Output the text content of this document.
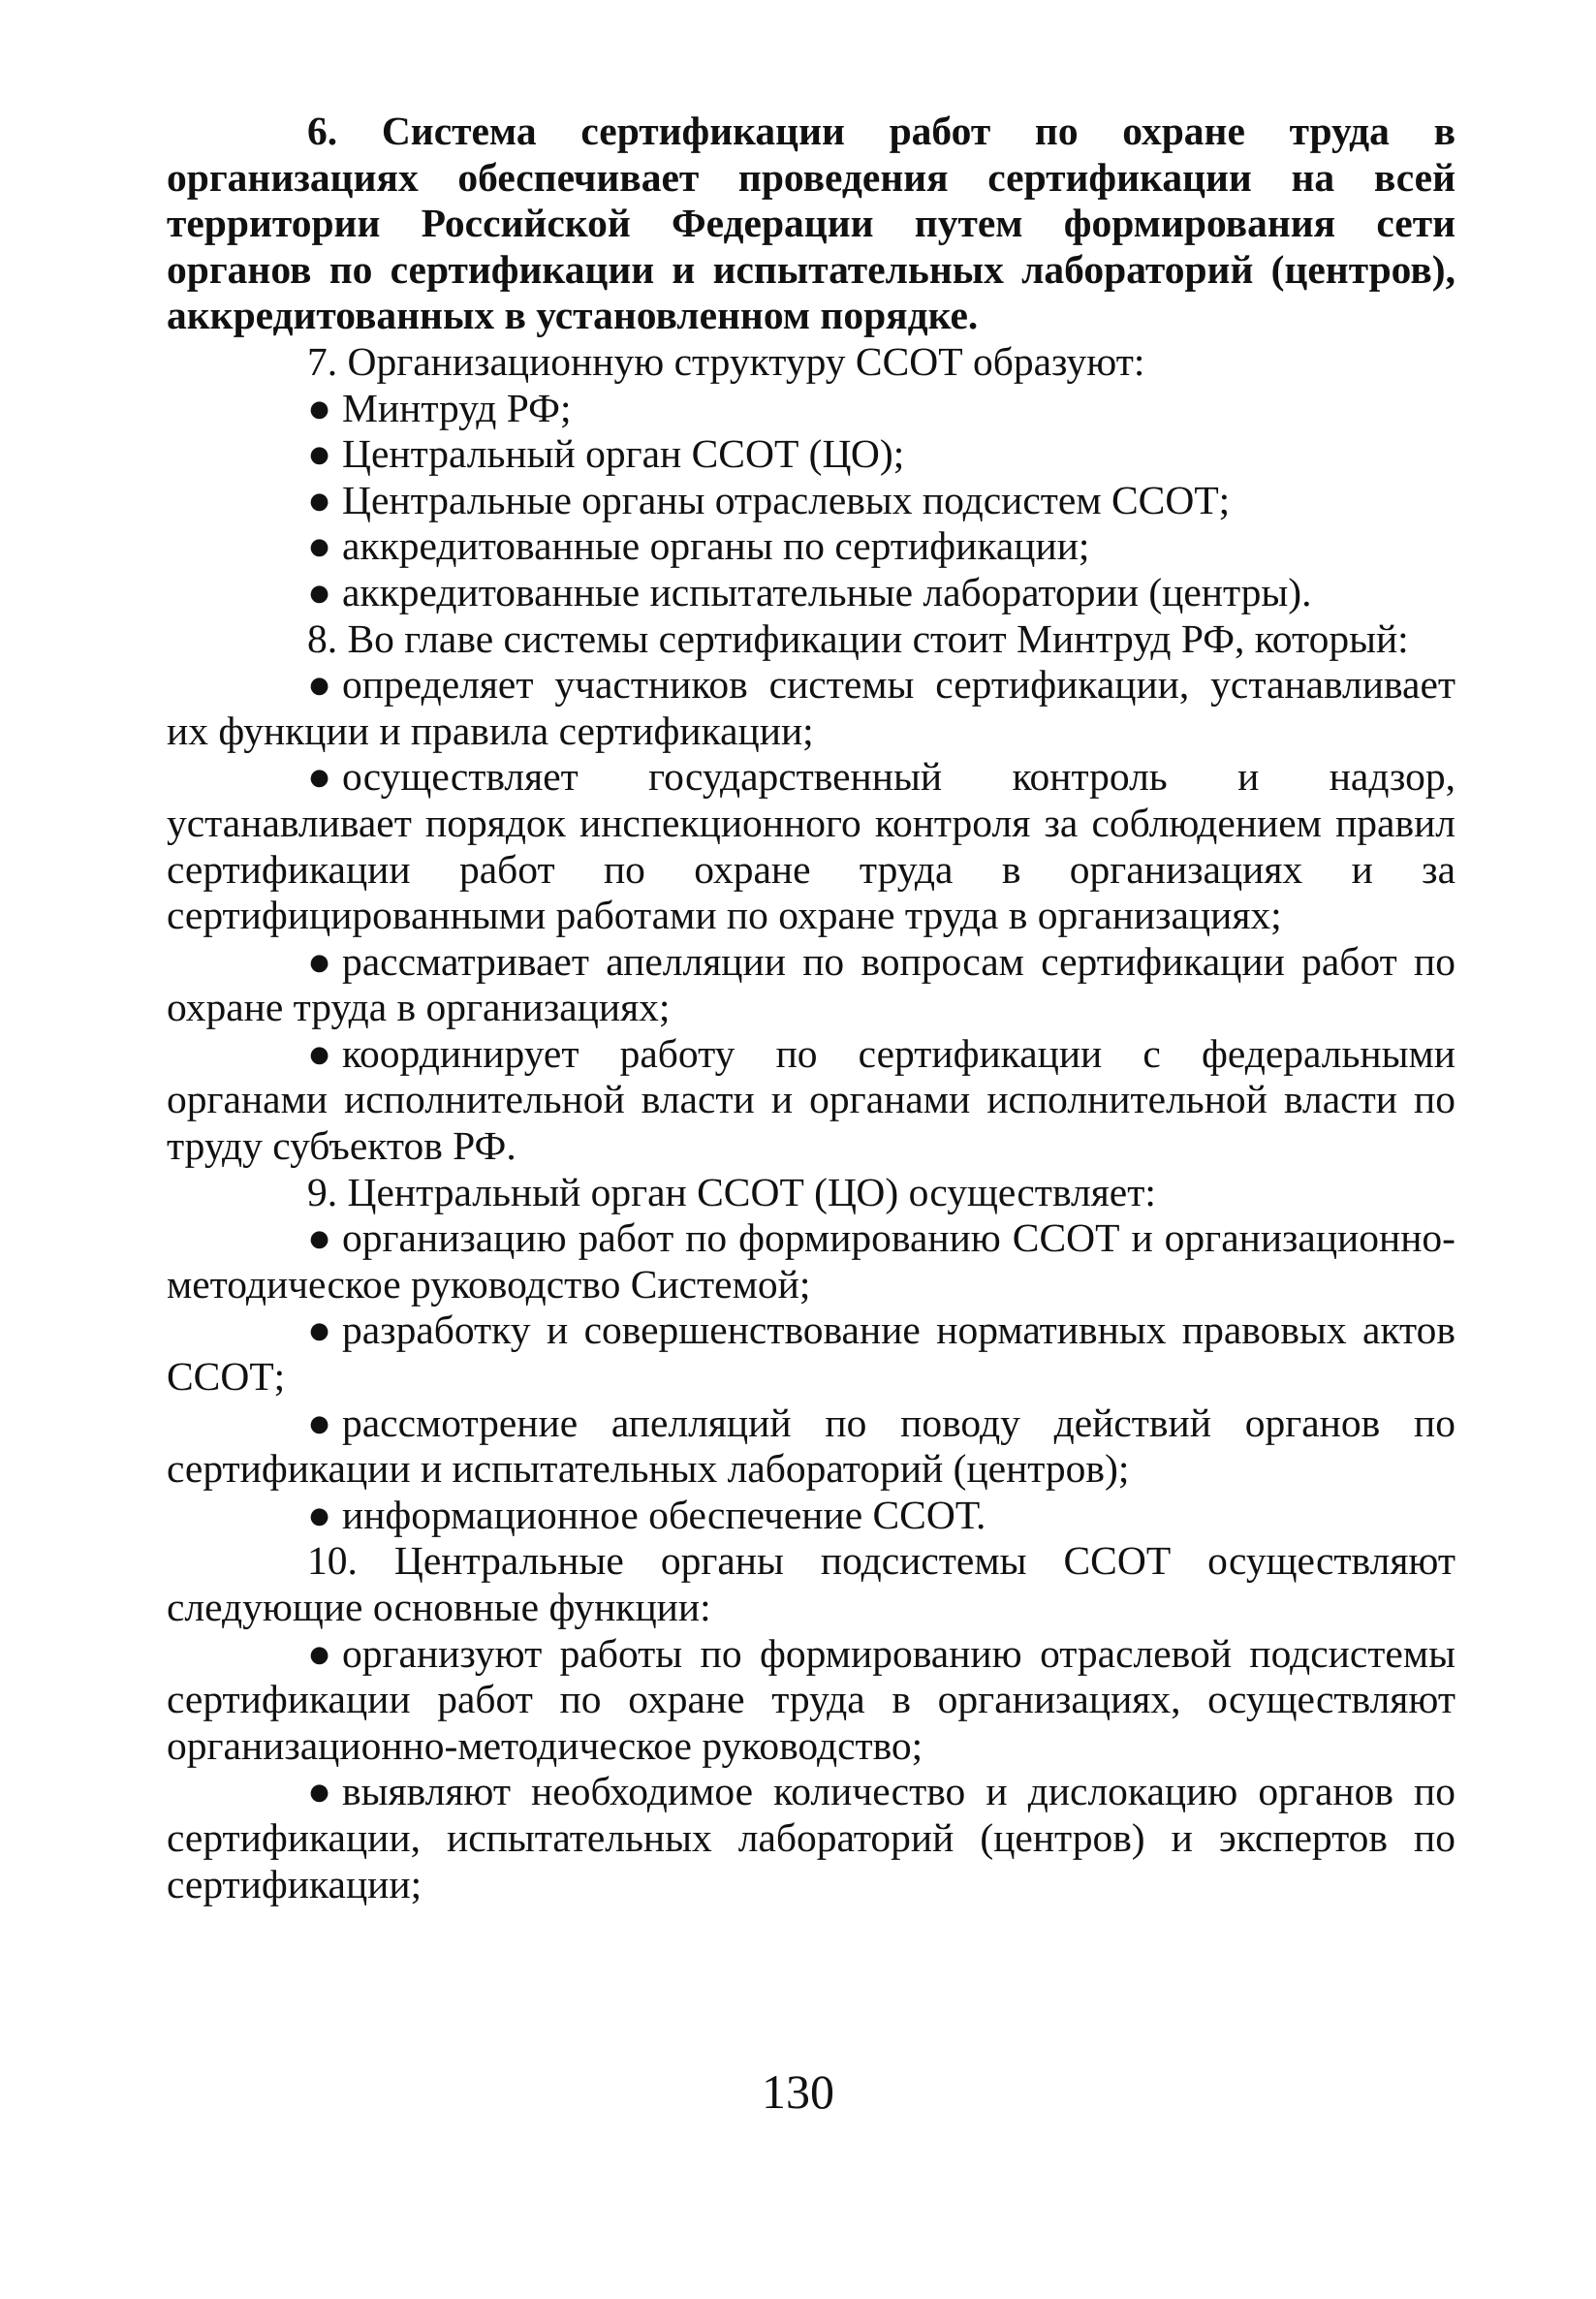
6. Система сертификации работ по охране труда в организациях обеспечивает проведения сертификации на всей территории Российской Федерации путем формирования сети органов по сертификации и испытательных лабораторий (центров), аккредитованных в установленном порядке.

7. Организационную структуру ССОТ образуют:

● Минтруд РФ;

● Центральный орган ССОТ (ЦО);

● Центральные органы отраслевых подсистем ССОТ;

● аккредитованные органы по сертификации;

● аккредитованные испытательные лаборатории (центры).

8. Во главе системы сертификации стоит Минтруд РФ, который:

● определяет участников системы сертификации, устанавливает их функции и правила сертификации;

● осуществляет государственный контроль и надзор, устанавливает порядок инспекционного контроля за соблюдением правил сертификации работ по охране труда в организациях и за сертифицированными работами по охране труда в организациях;

● рассматривает апелляции по вопросам сертификации работ по охране труда в организациях;

● координирует работу по сертификации с федеральными органами исполнительной власти и органами исполнительной власти по труду субъектов РФ.

9. Центральный орган ССОТ (ЦО) осуществляет:

● организацию работ по формированию ССОТ и организационно-методическое руководство Системой;

● разработку и совершенствование нормативных правовых актов ССОТ;

● рассмотрение апелляций по поводу действий органов по сертификации и испытательных лабораторий (центров);

● информационное обеспечение ССОТ.

10. Центральные органы подсистемы ССОТ осуществляют следующие основные функции:

● организуют работы по формированию отраслевой подсистемы сертификации работ по охране труда в организациях, осуществляют организационно-методическое руководство;

● выявляют необходимое количество и дислокацию органов по сертификации, испытательных лабораторий (центров) и экспертов по сертификации;

130
